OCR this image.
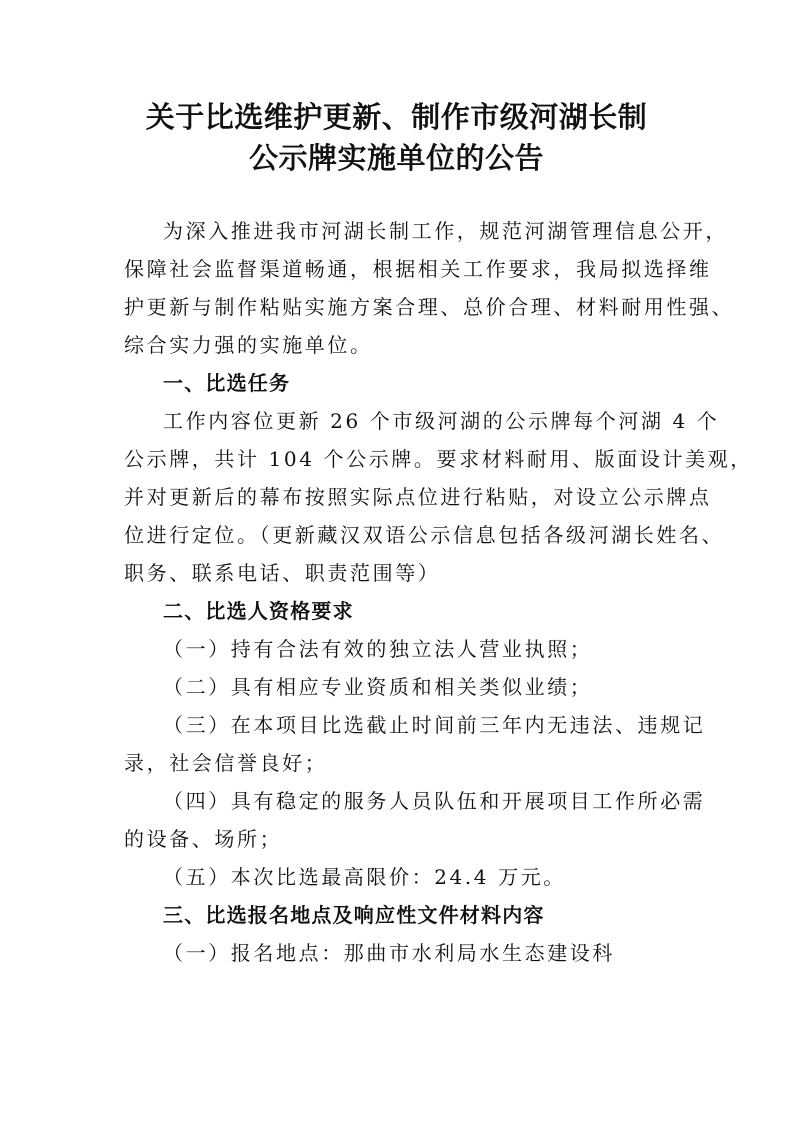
关于比选维护更新、制作市级河湖长制
公示牌实施单位的公告
为深入推进我市河湖长制工作，规范河湖管理信息公开，
保障社会监督渠道畅通，根据相关工作要求，我局拟选择维
护更新与制作粘贴实施方案合理、总价合理、材料耐用性强、
综合实力强的实施单位。
一、比选任务
工作内容位更新 26 个市级河湖的公示牌每个河湖 4 个
公示牌，共计 104 个公示牌。要求材料耐用、版面设计美观，
并对更新后的幕布按照实际点位进行粘贴，对设立公示牌点
位进行定位。（更新藏汉双语公示信息包括各级河湖长姓名、
职务、联系电话、职责范围等）
二、比选人资格要求
（一）持有合法有效的独立法人营业执照；
（二）具有相应专业资质和相关类似业绩；
（三）在本项目比选截止时间前三年内无违法、违规记
录，社会信誉良好；
（四）具有稳定的服务人员队伍和开展项目工作所必需
的设备、场所；
（五）本次比选最高限价：24.4 万元。
三、比选报名地点及响应性文件材料内容
（一）报名地点：那曲市水利局水生态建设科
